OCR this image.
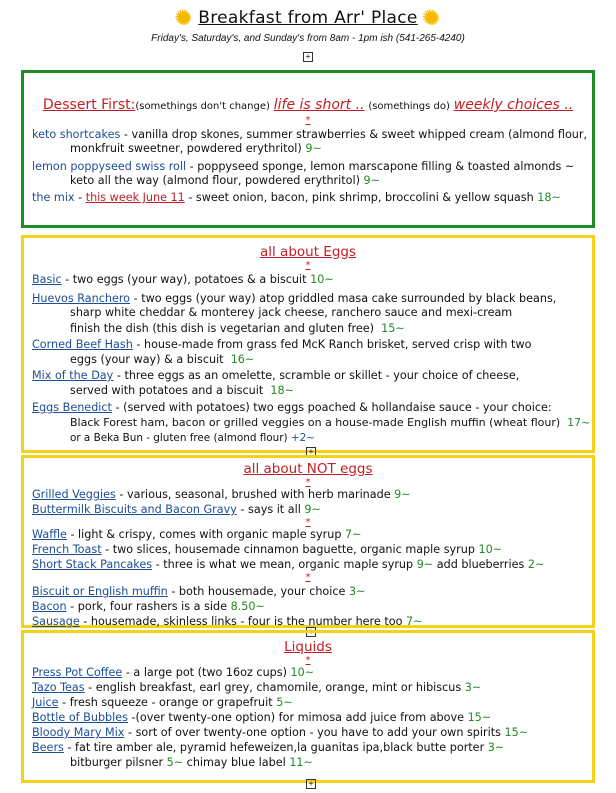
✺
Breakfast from Arr' Place
✺
Friday's, Saturday's, and Sunday's from 8am - 1pm ish (541-265-4240)
+
Dessert First:(somethings don't change) life is short .. (somethings do) weekly choices ..
*
keto shortcakes - vanilla drop skones, summer strawberries & sweet whipped cream (almond flour,
monkfruit sweetner, powdered erythritol) 9~
lemon poppyseed swiss roll - poppyseed sponge, lemon marscapone filling & toasted almonds ~
keto all the way (almond flour, powdered erythritol) 9~
the mix - this week June 11 - sweet onion, bacon, pink shrimp, broccolini & yellow squash 18~
all about Eggs
*
Basic - two eggs (your way), potatoes & a biscuit 10~
Huevos Ranchero - two eggs (your way) atop griddled masa cake surrounded by black beans,
sharp white cheddar & monterey jack cheese, ranchero sauce and mexi-cream
finish the dish (this dish is vegetarian and gluten free) 15~
Corned Beef Hash - house-made from grass fed McK Ranch brisket, served crisp with two
eggs (your way) & a biscuit 16~
Mix of the Day - three eggs as an omelette, scramble or skillet - your choice of cheese,
served with potatoes and a biscuit 18~
Eggs Benedict - (served with potatoes) two eggs poached & hollandaise sauce - your choice:
Black Forest ham, bacon or grilled veggies on a house-made English muffin (wheat flour) 17~
or a Beka Bun - gluten free (almond flour) +2~
+
all about NOT eggs
*
Grilled Veggies - various, seasonal, brushed with herb marinade 9~
Buttermilk Biscuits and Bacon Gravy - says it all 9~
*
Waffle - light & crispy, comes with organic maple syrup 7~
French Toast - two slices, housemade cinnamon baguette, organic maple syrup 10~
Short Stack Pancakes - three is what we mean, organic maple syrup 9~ add blueberries 2~
*
Biscuit or English muffin - both housemade, your choice 3~
Bacon - pork, four rashers is a side 8.50~
Sausage - housemade, skinless links - four is the number here too 7~
+
Liquids
*
Press Pot Coffee - a large pot (two 16oz cups) 10~
Tazo Teas - english breakfast, earl grey, chamomile, orange, mint or hibiscus 3~
Juice - fresh squeeze - orange or grapefruit 5~
Bottle of Bubbles -(over twenty-one option) for mimosa add juice from above 15~
Bloody Mary Mix - sort of over twenty-one option - you have to add your own spirits 15~
Beers - fat tire amber ale, pyramid hefeweizen,la guanitas ipa,black butte porter 3~
bitburger pilsner 5~ chimay blue label 11~
+
